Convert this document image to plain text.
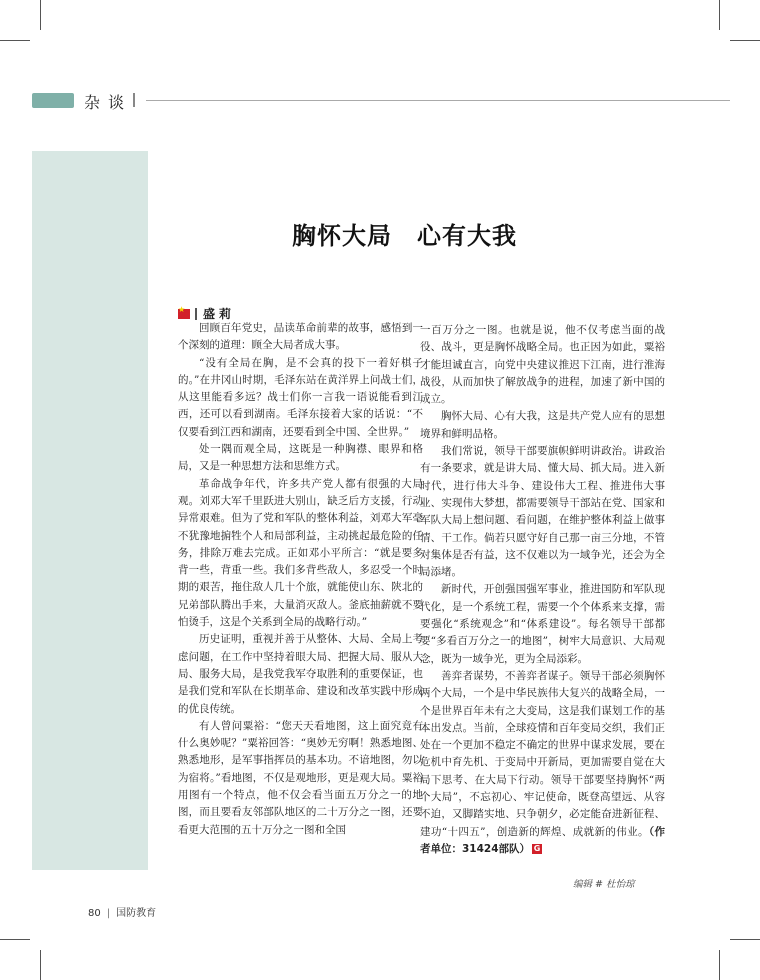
杂谈
胸怀大局　心有大我
★ 盛莉

回顾百年党史，品读革命前辈的故事，感悟到一个深刻的道理：顾全大局者成大事。

“没有全局在胸，是不会真的投下一着好棋子的。”在井冈山时期，毛泽东站在黄洋界上问战士们，从这里能看多远？战士们你一言我一语说能看到江西，还可以看到湖南。毛泽东接着大家的话说：“不仅要看到江西和湖南，还要看到全中国、全世界。”

处一隅而观全局，这既是一种胸襟、眼界和格局，又是一种思想方法和思维方式。

革命战争年代，许多共产党人都有很强的大局观。刘邓大军千里跃进大别山，缺乏后方支援，行动异常艰难。但为了党和军队的整体利益，刘邓大军毫不犹豫地掮牲个人和局部利益，主动挑起最危险的任务，排除万难去完成。正如邓小平所言：“就是要多背一些，背重一些。我们多背些敌人，多忍受一个时期的艰苦，拖住敌人几十个旅，就能使山东、陕北的兄弟部队腾出手来，大量消灭敌人。釜底抽薪就不要怕烫手，这是个关系到全局的战略行动。”

历史证明，重视并善于从整体、大局、全局上考虑问题，在工作中坚持着眼大局、把握大局、服从大局、服务大局，是我党我军夺取胜利的重要保证，也是我们党和军队在长期革命、建设和改革实践中形成的优良传统。

有人曾问粟裕：“您天天看地图，这上面究竟有什么奥妙呢？”粟裕回答：“奥妙无穷啊！熟悉地图、熟悉地形，是军事指挥员的基本功。不谙地图，勿以为宿将。”看地图，不仅是观地形，更是观大局。粟裕用图有一个特点，他不仅会看当面五万分之一的地图，而且要看友邻部队地区的二十万分之一图，还要看更大范围的五十万分之一图和全国

一百万分之一图。也就是说，他不仅考虑当面的战役、战斗，更是胸怀战略全局。也正因为如此，粟裕才能坦诚直言，向党中央建议推迟下江南，进行淮海战役，从而加快了解放战争的进程，加速了新中国的成立。

胸怀大局、心有大我，这是共产党人应有的思想境界和鲜明品格。

我们常说，领导干部要旗帜鲜明讲政治。讲政治有一条要求，就是讲大局、懂大局、抓大局。进入新时代，进行伟大斗争、建设伟大工程、推进伟大事业、实现伟大梦想，都需要领导干部站在党、国家和军队大局上想问题、看问题，在维护整体利益上做事情、干工作。倘若只愿守好自己那一亩三分地，不管对集体是否有益，这不仅难以为一域争光，还会为全局添堵。

新时代，开创强国强军事业，推进国防和军队现代化，是一个系统工程，需要一个个体系来支撑，需要强化“系统观念”和“体系建设”。每名领导干部都要“多看百万分之一的地图”，树牢大局意识、大局观念，既为一域争光，更为全局添彩。

善弈者谋势，不善弈者谋子。领导干部必须胸怀两个大局，一个是中华民族伟大复兴的战略全局，一个是世界百年未有之大变局，这是我们谋划工作的基本出发点。当前，全球疫情和百年变局交织，我们正处在一个更加不稳定不确定的世界中谋求发展，要在危机中育先机、于变局中开新局，更加需要自觉在大局下思考、在大局下行动。领导干部要坚持胸怀“两个大局”，不忘初心、牢记使命，既登高望远、从容不迫，又脚踏实地、只争朝夕，必定能奋进新征程、建功“十四五”，创造新的辉煌、成就新的伟业。（作者单位：31424部队） G

编辑 # 杜怡琼
80 | 国防教育
